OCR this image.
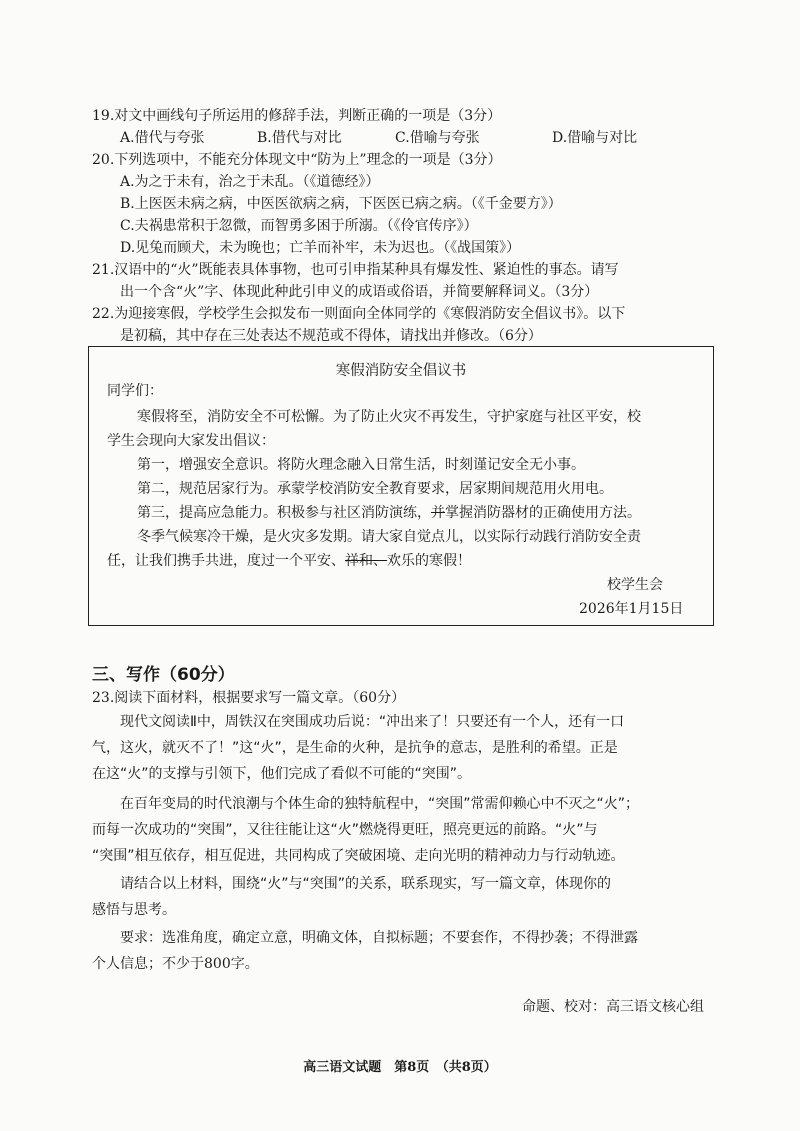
19.对文中画线句子所运用的修辞手法，判断正确的一项是（3分）
A.借代与夸张	B.借代与对比	C.借喻与夸张	D.借喻与对比
20.下列选项中，不能充分体现文中“防为上”理念的一项是（3分）
A.为之于未有，治之于未乱。（《道德经》）
B.上医医未病之病，中医医欲病之病，下医医已病之病。（《千金要方》）
C.夫祸患常积于忽微，而智勇多困于所溺。（《伶官传序》）
D.见兔而顾犬，未为晚也；亡羊而补牢，未为迟也。（《战国策》）
21.汉语中的“火”既能表具体事物，也可引申指某种具有爆发性、紧迫性的事态。请写
出一个含“火”字、体现此种此引申义的成语或俗语，并简要解释词义。（3分）
22.为迎接寒假，学校学生会拟发布一则面向全体同学的《寒假消防安全倡议书》。以下
是初稿，其中存在三处表达不规范或不得体，请找出并修改。（6分）
寒假消防安全倡议书
同学们：
寒假将至，消防安全不可松懈。为了防止火灾不再发生，守护家庭与社区平安，校
学生会现向大家发出倡议：
第一，增强安全意识。将防火理念融入日常生活，时刻谨记安全无小事。
第二，规范居家行为。承蒙学校消防安全教育要求，居家期间规范用火用电。
第三，提高应急能力。积极参与社区消防演练，并掌握消防器材的正确使用方法。
冬季气候寒冷干燥，是火灾多发期。请大家自觉点儿，以实际行动践行消防安全责
任，让我们携手共进，度过一个平安、祥和、欢乐的寒假！
校学生会
2026年1月15日
三、写作（60分）
23.阅读下面材料，根据要求写一篇文章。（60分）
现代文阅读Ⅱ中，周铁汉在突围成功后说：“冲出来了！只要还有一个人，还有一口
气，这火，就灭不了！”这“火”，是生命的火种，是抗争的意志，是胜利的希望。正是
在这“火”的支撑与引领下，他们完成了看似不可能的“突围”。
在百年变局的时代浪潮与个体生命的独特航程中，“突围”常需仰赖心中不灭之“火”；
而每一次成功的“突围”，又往往能让这“火”燃烧得更旺，照亮更远的前路。“火”与
“突围”相互依存，相互促进，共同构成了突破困境、走向光明的精神动力与行动轨迹。
请结合以上材料，围绕“火”与“突围”的关系，联系现实，写一篇文章，体现你的
感悟与思考。
要求：选准角度，确定立意，明确文体，自拟标题；不要套作，不得抄袭；不得泄露
个人信息；不少于800字。
命题、校对：高三语文核心组
高三语文试题　第8页　（共8页）
